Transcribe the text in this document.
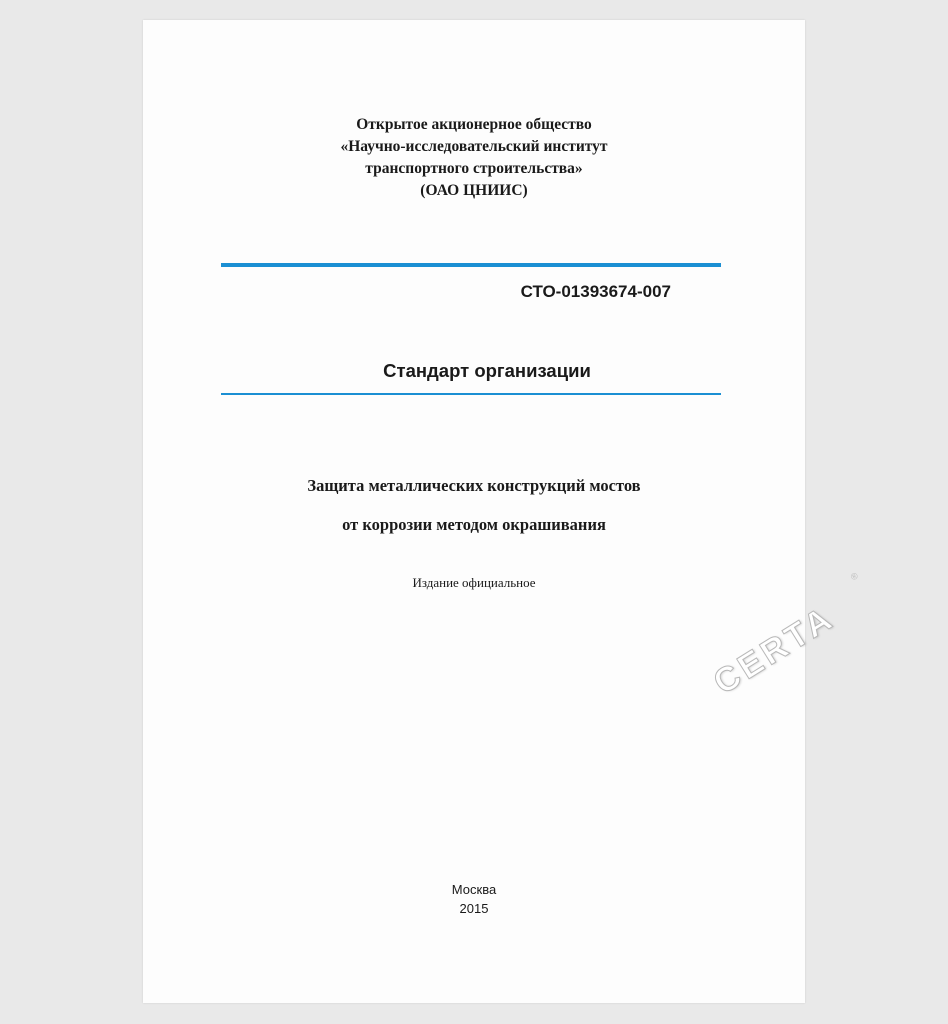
Открытое акционерное общество
«Научно-исследовательский институт
транспортного строительства»
(ОАО ЦНИИС)
СТО-01393674-007
Стандарт организации
Защита металлических конструкций мостов
от коррозии методом окрашивания
Издание официальное
Москва
2015
CERTA
®
